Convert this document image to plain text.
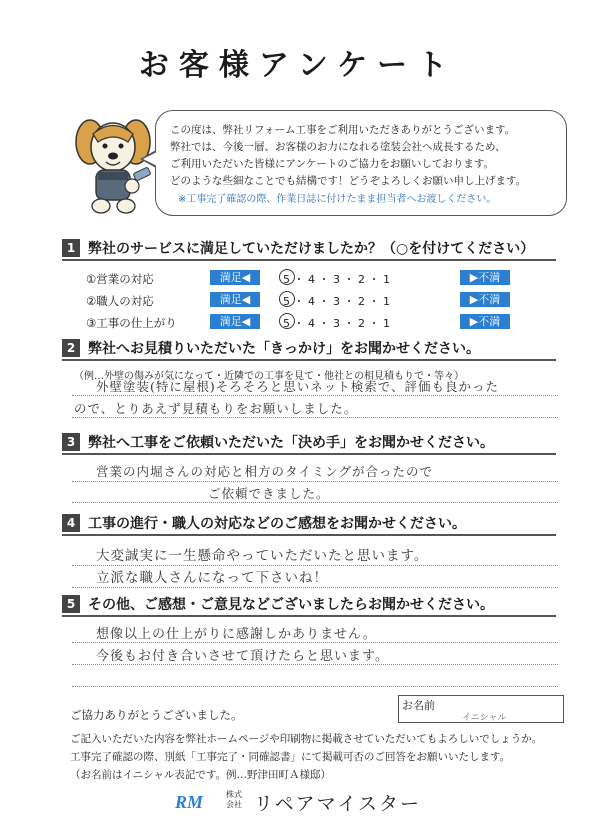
お客様アンケート
この度は、弊社リフォーム工事をご利用いただきありがとうございます。
弊社では、今後一層、お客様のお力になれる塗装会社へ成長するため、
ご利用いただいた皆様にアンケートのご協力をお願いしております。
どのような些細なことでも結構です！どうぞよろしくお願い申し上げます。
※工事完了確認の際、作業日誌に付けたまま担当者へお渡しください。
1 弊社のサービスに満足していただけましたか？（○を付けてください）
①営業の対応	満足◀	5 ・ 4 ・ 3 ・ 2 ・ 1	▶不満
②職人の対応	満足◀	5 ・ 4 ・ 3 ・ 2 ・ 1	▶不満
③工事の仕上がり	満足◀	5 ・ 4 ・ 3 ・ 2 ・ 1	▶不満
2 弊社へお見積りいただいた「きっかけ」をお聞かせください。
（例…外壁の傷みが気になって・近隣での工事を見て・他社との相見積もりで・等々）
外壁塗装(特に屋根)そろそろと思いネット検索で、評価も良かった
ので、とりあえず見積もりをお願いしました。
3 弊社へ工事をご依頼いただいた「決め手」をお聞かせください。
営業の内堀さんの対応と相方のタイミングが合ったので
ご依頼できました。
4 工事の進行・職人の対応などのご感想をお聞かせください。
大変誠実に一生懸命やっていただいたと思います。
立派な職人さんになって下さいね！
5 その他、ご感想・ご意見などございましたらお聞かせください。
想像以上の仕上がりに感謝しかありません。
今後もお付き合いさせて頂けたらと思います。
ご協力ありがとうございました。
お名前
イニシャル
ご記入いただいた内容を弊社ホームページや印刷物に掲載させていただいてもよろしいでしょうか。
工事完了確認の際、別紙「工事完了・同確認書」にて掲載可否のご回答をお願いいたします。
（お名前はイニシャル表記です。例…野津田町Ａ様邸）
RM	株式
会社 リペアマイスター
